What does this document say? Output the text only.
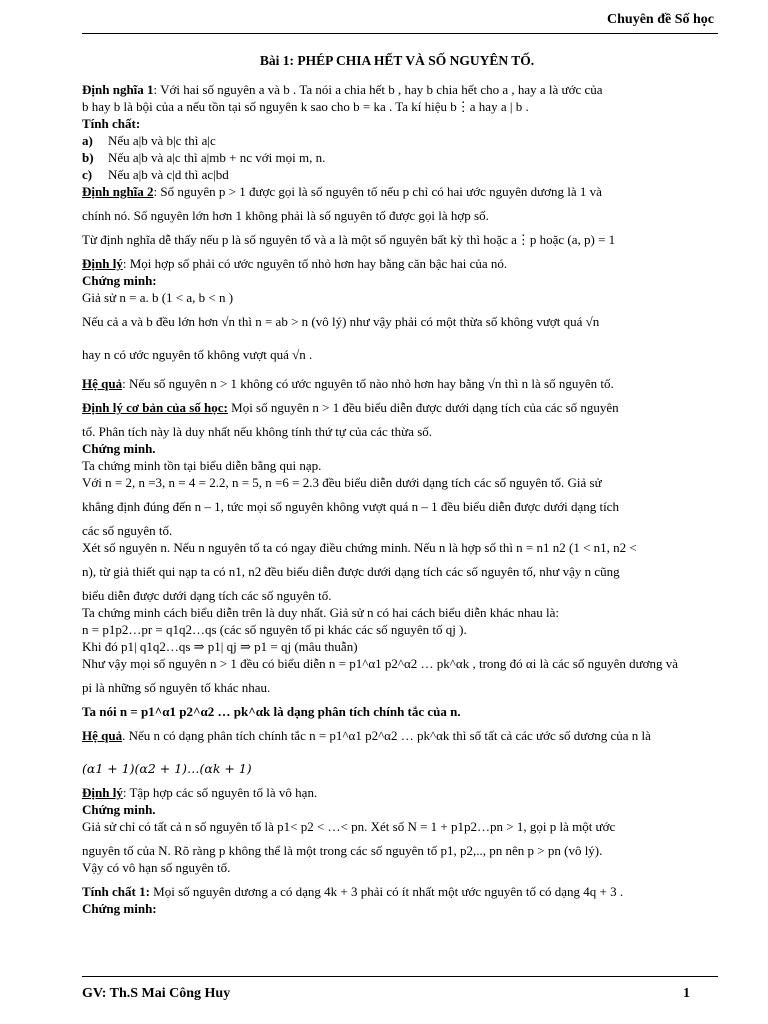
Chuyên đề Số học

Bài 1: PHÉP CHIA HẾT VÀ SỐ NGUYÊN TỐ.

Định nghĩa 1: Với hai số nguyên a và b . Ta nói a chia hết b , hay b chia hết cho a , hay a là ước của

b hay b là bội của a nếu tồn tại số nguyên k sao cho b = ka . Ta kí hiệu b⋮a hay a | b .

Tính chất:

a)	Nếu a|b và b|c thì a|c
b)	Nếu a|b và a|c thì a|mb + nc với mọi m, n.
c)	Nếu a|b và c|d thì ac|bd

Định nghĩa 2: Số nguyên p > 1 được gọi là số nguyên tố nếu p chỉ có hai ước nguyên dương là 1 và

chính nó. Số nguyên lớn hơn 1 không phải là số nguyên tố được gọi là hợp số.

Từ định nghĩa dễ thấy nếu p là số nguyên tố và a là một số nguyên bất kỳ thì hoặc a⋮p hoặc (a, p) = 1

Định lý: Mọi hợp số phải có ước nguyên tố nhỏ hơn hay bằng căn bậc hai của nó.

Chứng minh:

Giả sử n = a. b (1 < a, b < n )

Nếu cả a và b đều lớn hơn √n thì n = ab > n (vô lý) như vậy phải có một thừa số không vượt quá √n

hay n có ước nguyên tố không vượt quá √n .

Hệ quả: Nếu số nguyên n > 1 không có ước nguyên tố nào nhỏ hơn hay bằng √n thì n là số nguyên tố.

Định lý cơ bản của số học: Mọi số nguyên n > 1 đều biểu diễn được dưới dạng tích của các số nguyên

tố. Phân tích này là duy nhất nếu không tính thứ tự của các thừa số.

Chứng minh.

Ta chứng minh tồn tại biểu diễn bằng qui nạp.

Với n = 2, n =3, n = 4 = 2.2, n = 5, n =6 = 2.3 đều biểu diễn dưới dạng tích các số nguyên tố. Giả sử

khẳng định đúng đến n – 1, tức mọi số nguyên không vượt quá n – 1 đều biểu diễn được dưới dạng tích

các số nguyên tố.

Xét số nguyên n. Nếu n nguyên tố ta có ngay điều chứng minh. Nếu n là hợp số thì n = n1 n2 (1 < n1, n2 <

n), từ giả thiết qui nạp ta có n1, n2 đều biểu diễn được dưới dạng tích các số nguyên tố, như vậy n cũng

biểu diễn được dưới dạng tích các số nguyên tố.

Ta chứng minh cách biểu diễn trên là duy nhất. Giả sử n có hai cách biểu diễn khác nhau là:

n = p1p2…pr = q1q2…qs (các số nguyên tố pi khác các số nguyên tố qj ).

Khi đó p1| q1q2…qs ⇒ p1| qj ⇒ p1 = qj (mâu thuẫn)

Như vậy mọi số nguyên n > 1 đều có biểu diễn n = p1^α1 p2^α2 … pk^αk , trong đó αi là các số nguyên dương và

pi là những số nguyên tố khác nhau.

Ta nói n = p1^α1 p2^α2 … pk^αk là dạng phân tích chính tắc của n.

Hệ quả. Nếu n có dạng phân tích chính tắc n = p1^α1 p2^α2 … pk^αk thì số tất cả các ước số dương của n là

(α1 + 1)(α2 + 1)…(αk + 1)

Định lý: Tập hợp các số nguyên tố là vô hạn.

Chứng minh.

Giả sử chỉ có tất cả n số nguyên tố là p1< p2 < …< pn. Xét số N = 1 + p1p2…pn > 1, gọi p là một ước

nguyên tố của N. Rõ ràng p không thể là một trong các số nguyên tố p1, p2,.., pn nên p > pn (vô lý).

Vậy có vô hạn số nguyên tố.

Tính chất 1: Mọi số nguyên dương a có dạng 4k + 3 phải có ít nhất một ước nguyên tố có dạng 4q + 3 .

Chứng minh:

GV: Th.S Mai Công Huy	1
